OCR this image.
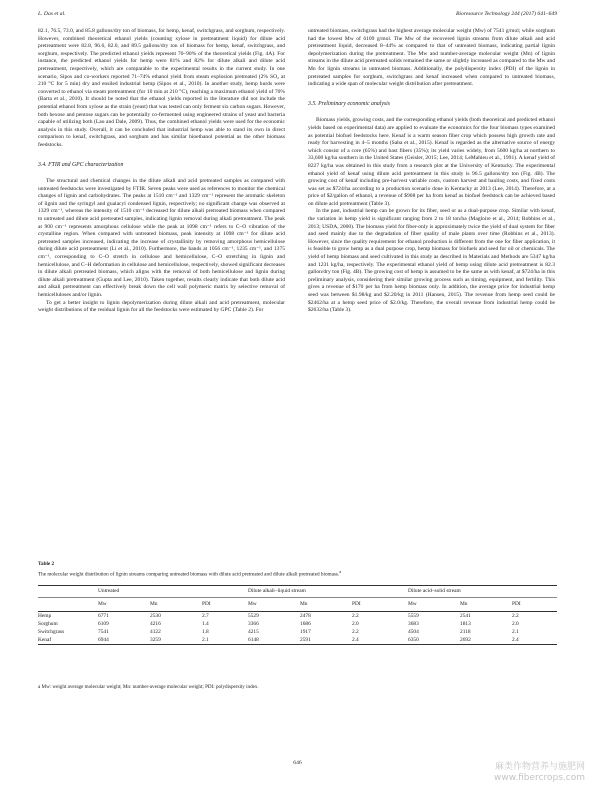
L. Das et al.	Bioresource Technology 244 (2017) 641–649

82.1, 76.5, 73.0, and 85.8 gallons/dry ton of biomass, for hemp, kenaf, switchgrass, and sorghum, respectively. However, combined theoretical ethanol yields (counting xylose in pretreatment liquid) for dilute acid pretreatment were 82.8, 96.6, 82.0, and 89.5 gallons/dry ton of biomass for hemp, kenaf, switchgrass, and sorghum, respectively. The predicted ethanol yields represent 70–90% of the theoretical yields (Fig. 4A). For instance, the predicted ethanol yields for hemp were 81% and 82% for dilute alkali and dilute acid pretreatment, respectively, which are comparable to the experimental results in the current study. In one scenario, Sipos and co-workers reported 71–74% ethanol yield from steam explosion pretreated (2% SO₂ at 210 °C for 5 min) dry and ensiled industrial hemp (Sipos et al., 2010). In another study, hemp hurds were converted to ethanol via steam pretreatment (for 10 min at 210 °C), reaching a maximum ethanol yield of 70% (Barta et al., 2010). It should be noted that the ethanol yields reported in the literature did not include the potential ethanol from xylose as the strain (yeast) that was tested can only ferment six carbon sugars. However, both hexose and pentose sugars can be potentially co-fermented using engineered strains of yeast and bacteria capable of utilizing both (Lau and Dale, 2009). Thus, the combined ethanol yields were used for the economic analysis in this study. Overall, it can be concluded that industrial hemp was able to stand its own in direct comparison to kenaf, switchgrass, and sorghum and has similar bioethanol potential as the other biomass feedstocks.

3.4. FTIR and GPC characterization

The structural and chemical changes in the dilute alkali and acid pretreated samples as compared with untreated feedstocks were investigated by FTIR. Seven peaks were used as references to monitor the chemical changes of lignin and carbohydrates. The peaks at 1510 cm⁻¹ and 1329 cm⁻¹ represent the aromatic skeleton of lignin and the syringyl and guaiacyl condensed lignin, respectively; no significant change was observed at 1329 cm⁻¹, whereas the intensity of 1510 cm⁻¹ decreased for dilute alkali pretreated biomass when compared to untreated and dilute acid pretreated samples, indicating lignin removal during alkali pretreatment. The peak at 900 cm⁻¹ represents amorphous cellulose while the peak at 1098 cm⁻¹ refers to C–O vibration of the crystalline region. When compared with untreated biomass, peak intensity at 1098 cm⁻¹ for dilute acid pretreated samples increased, indicating the increase of crystallinity by removing amorphous hemicellulose during dilute acid pretreatment (Li et al., 2010). Furthermore, the bands at 1056 cm⁻¹, 1235 cm⁻¹, and 1375 cm⁻¹, corresponding to C–O stretch in cellulose and hemicellulose, C–O stretching in lignin and hemicellulose, and C–H deformation in cellulose and hemicellulose, respectively, showed significant decreases in dilute alkali pretreated biomass, which aligns with the removal of both hemicellulose and lignin during dilute alkali pretreatment (Gupta and Lee, 2010). Taken together, results clearly indicate that both dilute acid and alkali pretreatment can effectively break down the cell wall polymeric matrix by selective removal of hemicelluloses and/or lignin.

To get a better insight to lignin depolymerization during dilute alkali and acid pretreatment, molecular weight distributions of the residual lignin for all the feedstocks were estimated by GPC (Table 2). For

untreated biomass, switchgrass had the highest average molecular weight (Mw) of 7541 g/mol; while sorghum had the lowest Mw of 6109 g/mol. The Mw of the recovered lignin streams from dilute alkali and acid pretreatment liquid, decreased 8–44% as compared to that of untreated biomass, indicating partial lignin depolymerization during the pretreatment. The Mw and number-average molecular weight (Mn) of lignin streams in the dilute acid pretreated solids remained the same or slightly increased as compared to the Mw and Mn for lignin streams in untreated biomass. Additionally, the polydispersity index (PDI) of the lignin in pretreated samples for sorghum, switchgrass and kenaf increased when compared to untreated biomass, indicating a wide span of molecular weight distribution after pretreatment.

3.5. Preliminary economic analysis

Biomass yields, growing costs, and the corresponding ethanol yields (both theoretical and predicted ethanol yields based on experimental data) are applied to evaluate the economics for the four biomass types examined as potential biofuel feedstocks here. Kenaf is a warm season fiber crop which possess high growth rate and ready for harvesting in 4–5 months (Saba et al., 2015). Kenaf is regarded as the alternative source of energy which consist of a core (65%) and bast fibers (35%); its yield varies widely, from 5600 kg/ha at northern to 33,600 kg/ha southern in the United States (Geisler, 2015; Lee, 2014; LeMahieu et al., 1991). A kenaf yield of 8227 kg/ha was obtained in this study from a research plot at the University of Kentucky. The experimental ethanol yield of kenaf using dilute acid pretreatment in this study is 96.5 gallons/dry ton (Fig. 4B). The growing cost of kenaf including pre-harvest variable costs, custom harvest and hauling costs, and fixed costs was set as $724/ha according to a production scenario done in Kentucky at 2013 (Lee, 2014). Therefore, at a price of $2/gallon of ethanol, a revenue of $908 per ha from kenaf as biofuel feedstock can be achieved based on dilute acid pretreatment (Table 3).

In the past, industrial hemp can be grown for its fiber, seed or as a dual-purpose crop. Similar with kenaf, the variation in hemp yield is significant ranging from 2 to 18 ton/ha (Magloire et al., 2014; Robbins et al., 2013; USDA, 2000). The biomass yield for fiber-only is approximately twice the yield of dual system for fiber and seed mainly due to the degradation of fiber quality of male plants over time (Robbins et al., 2013). However, since the quality requirement for ethanol production is different from the one for fiber application, it is feasible to grow hemp as a dual purpose crop, hemp biomass for biofuels and seed for oil or chemicals. The yield of hemp biomass and seed cultivated in this study as described in Materials and Methods are 5347 kg/ha and 1231 kg/ha, respectively. The experimental ethanol yield of hemp using dilute acid pretreatment is 82.3 gallon/dry ton (Fig. 4B). The growing cost of hemp is assumed to be the same as with kenaf, at $724/ha in this preliminary analysis, considering their similar growing process such as timing, equipment, and fertility. This gives a revenue of $170 per ha from hemp biomass only. In addition, the average price for industrial hemp seed was between $1.98/kg and $2.20/kg in 2011 (Hansen, 2015). The revenue from hemp seed could be $2462/ha at a hemp seed price of $2.0/kg. Therefore, the overall revenue from industrial hemp could be $2632/ha (Table 3).

Table 2

The molecular weight distribution of lignin streams comparing untreated biomass with dilute acid pretreated and dilute alkali pretreated biomass.$^a$

	Untreated			Dilute alkali–liquid stream			Dilute acid–solid stream		
	Mw	Mn	PDI	Mw	Mn	PDI	Mw	Mn	PDI
Hemp	6771	2530	2.7	5529	2478	2.2	5559	2541	2.2
Sorghum	6109	4216	1.4	3366	1686	2.0	3683	1813	2.0
Switchgrass	7541	4122	1.8	4215	1917	2.2	4504	2118	2.1
Kenaf	6944	3259	2.1	6148	2591	2.4	6350	2692	2.4
a Mw: weight average molecular weight; Mn: number-average molecular weight; PDI: polydispersity index.
646	麻类作物营养与施肥网
www.fibercrops.com
